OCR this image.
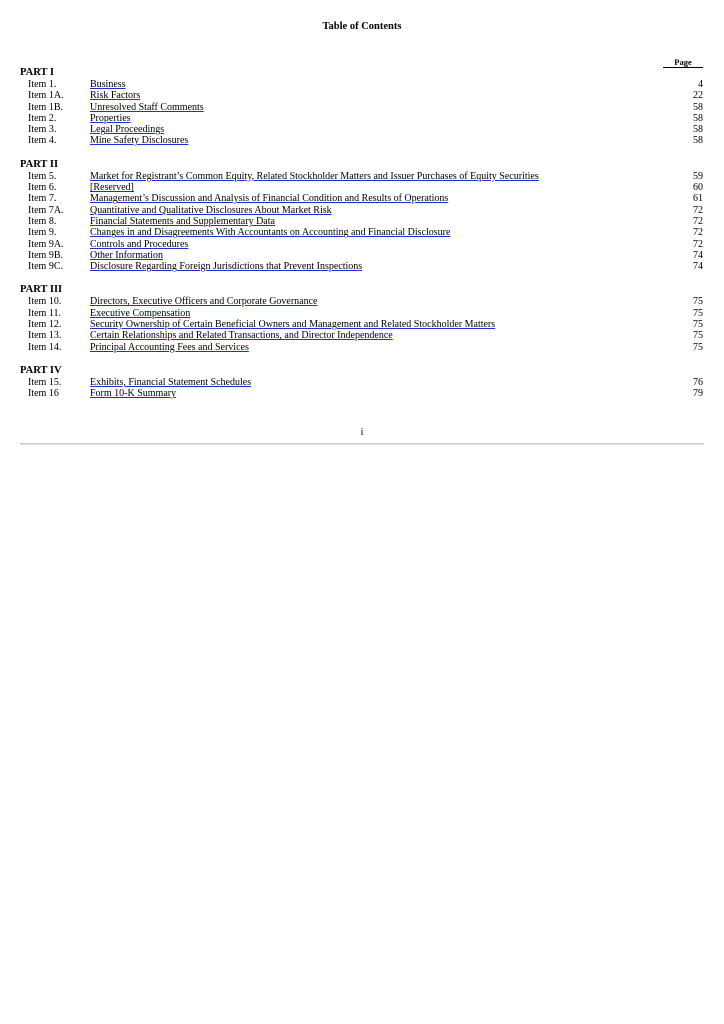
Table of Contents
Page
PART I
Item 1.	Business	4
Item 1A.	Risk Factors	22
Item 1B.	Unresolved Staff Comments	58
Item 2.	Properties	58
Item 3.	Legal Proceedings	58
Item 4.	Mine Safety Disclosures	58
PART II
Item 5.	Market for Registrant’s Common Equity, Related Stockholder Matters and Issuer Purchases of Equity Securities	59
Item 6.	[Reserved]	60
Item 7.	Management’s Discussion and Analysis of Financial Condition and Results of Operations	61
Item 7A.	Quantitative and Qualitative Disclosures About Market Risk	72
Item 8.	Financial Statements and Supplementary Data	72
Item 9.	Changes in and Disagreements With Accountants on Accounting and Financial Disclosure	72
Item 9A.	Controls and Procedures	72
Item 9B.	Other Information	74
Item 9C.	Disclosure Regarding Foreign Jurisdictions that Prevent Inspections	74
PART III
Item 10.	Directors, Executive Officers and Corporate Governance	75
Item 11.	Executive Compensation	75
Item 12.	Security Ownership of Certain Beneficial Owners and Management and Related Stockholder Matters	75
Item 13.	Certain Relationships and Related Transactions, and Director Independence	75
Item 14.	Principal Accounting Fees and Services	75
PART IV
Item 15.	Exhibits, Financial Statement Schedules	76
Item 16	Form 10-K Summary	79
i
